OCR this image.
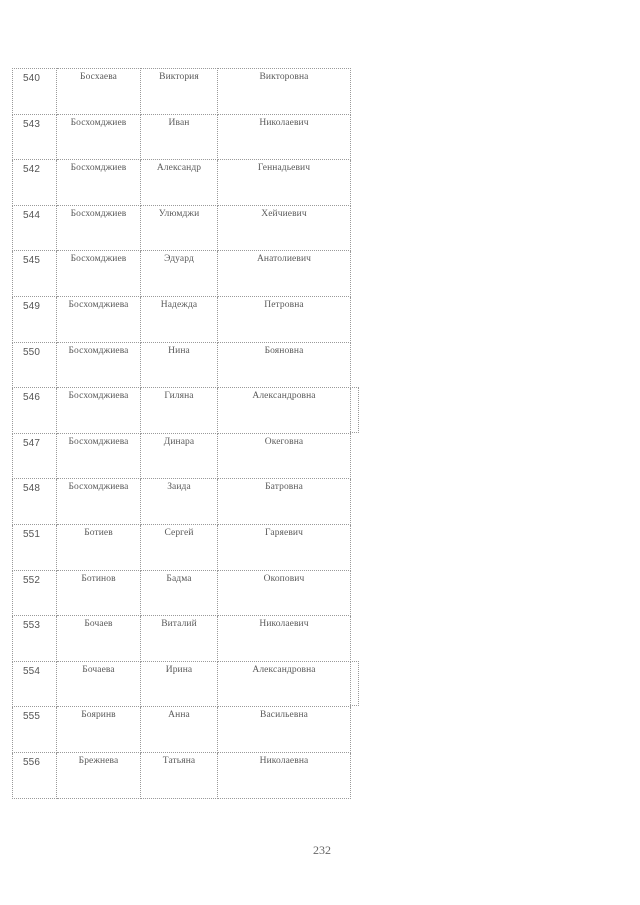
540	Босхаева	Виктория	Викторовна
543	Босхомджиев	Иван	Николаевич
542	Босхомджиев	Александр	Геннадьевич
544	Босхомджиев	Улюмджи	Хейчиевич
545	Босхомджиев	Эдуард	Анатолиевич
549	Босхомджиева	Надежда	Петровна
550	Босхомджиева	Нина	Бояновна
546	Босхомджиева	Гиляна	Александровна
547	Босхомджиева	Динара	Океговна
548	Босхомджиева	Заида	Батровна
551	Ботиев	Сергей	Гаряевич
552	Ботинов	Бадма	Окопович
553	Бочаев	Виталий	Николаевич
554	Бочаева	Ирина	Александровна
555	Бояринв	Анна	Васильевна
556	Брежнева	Татьяна	Николаевна
232
